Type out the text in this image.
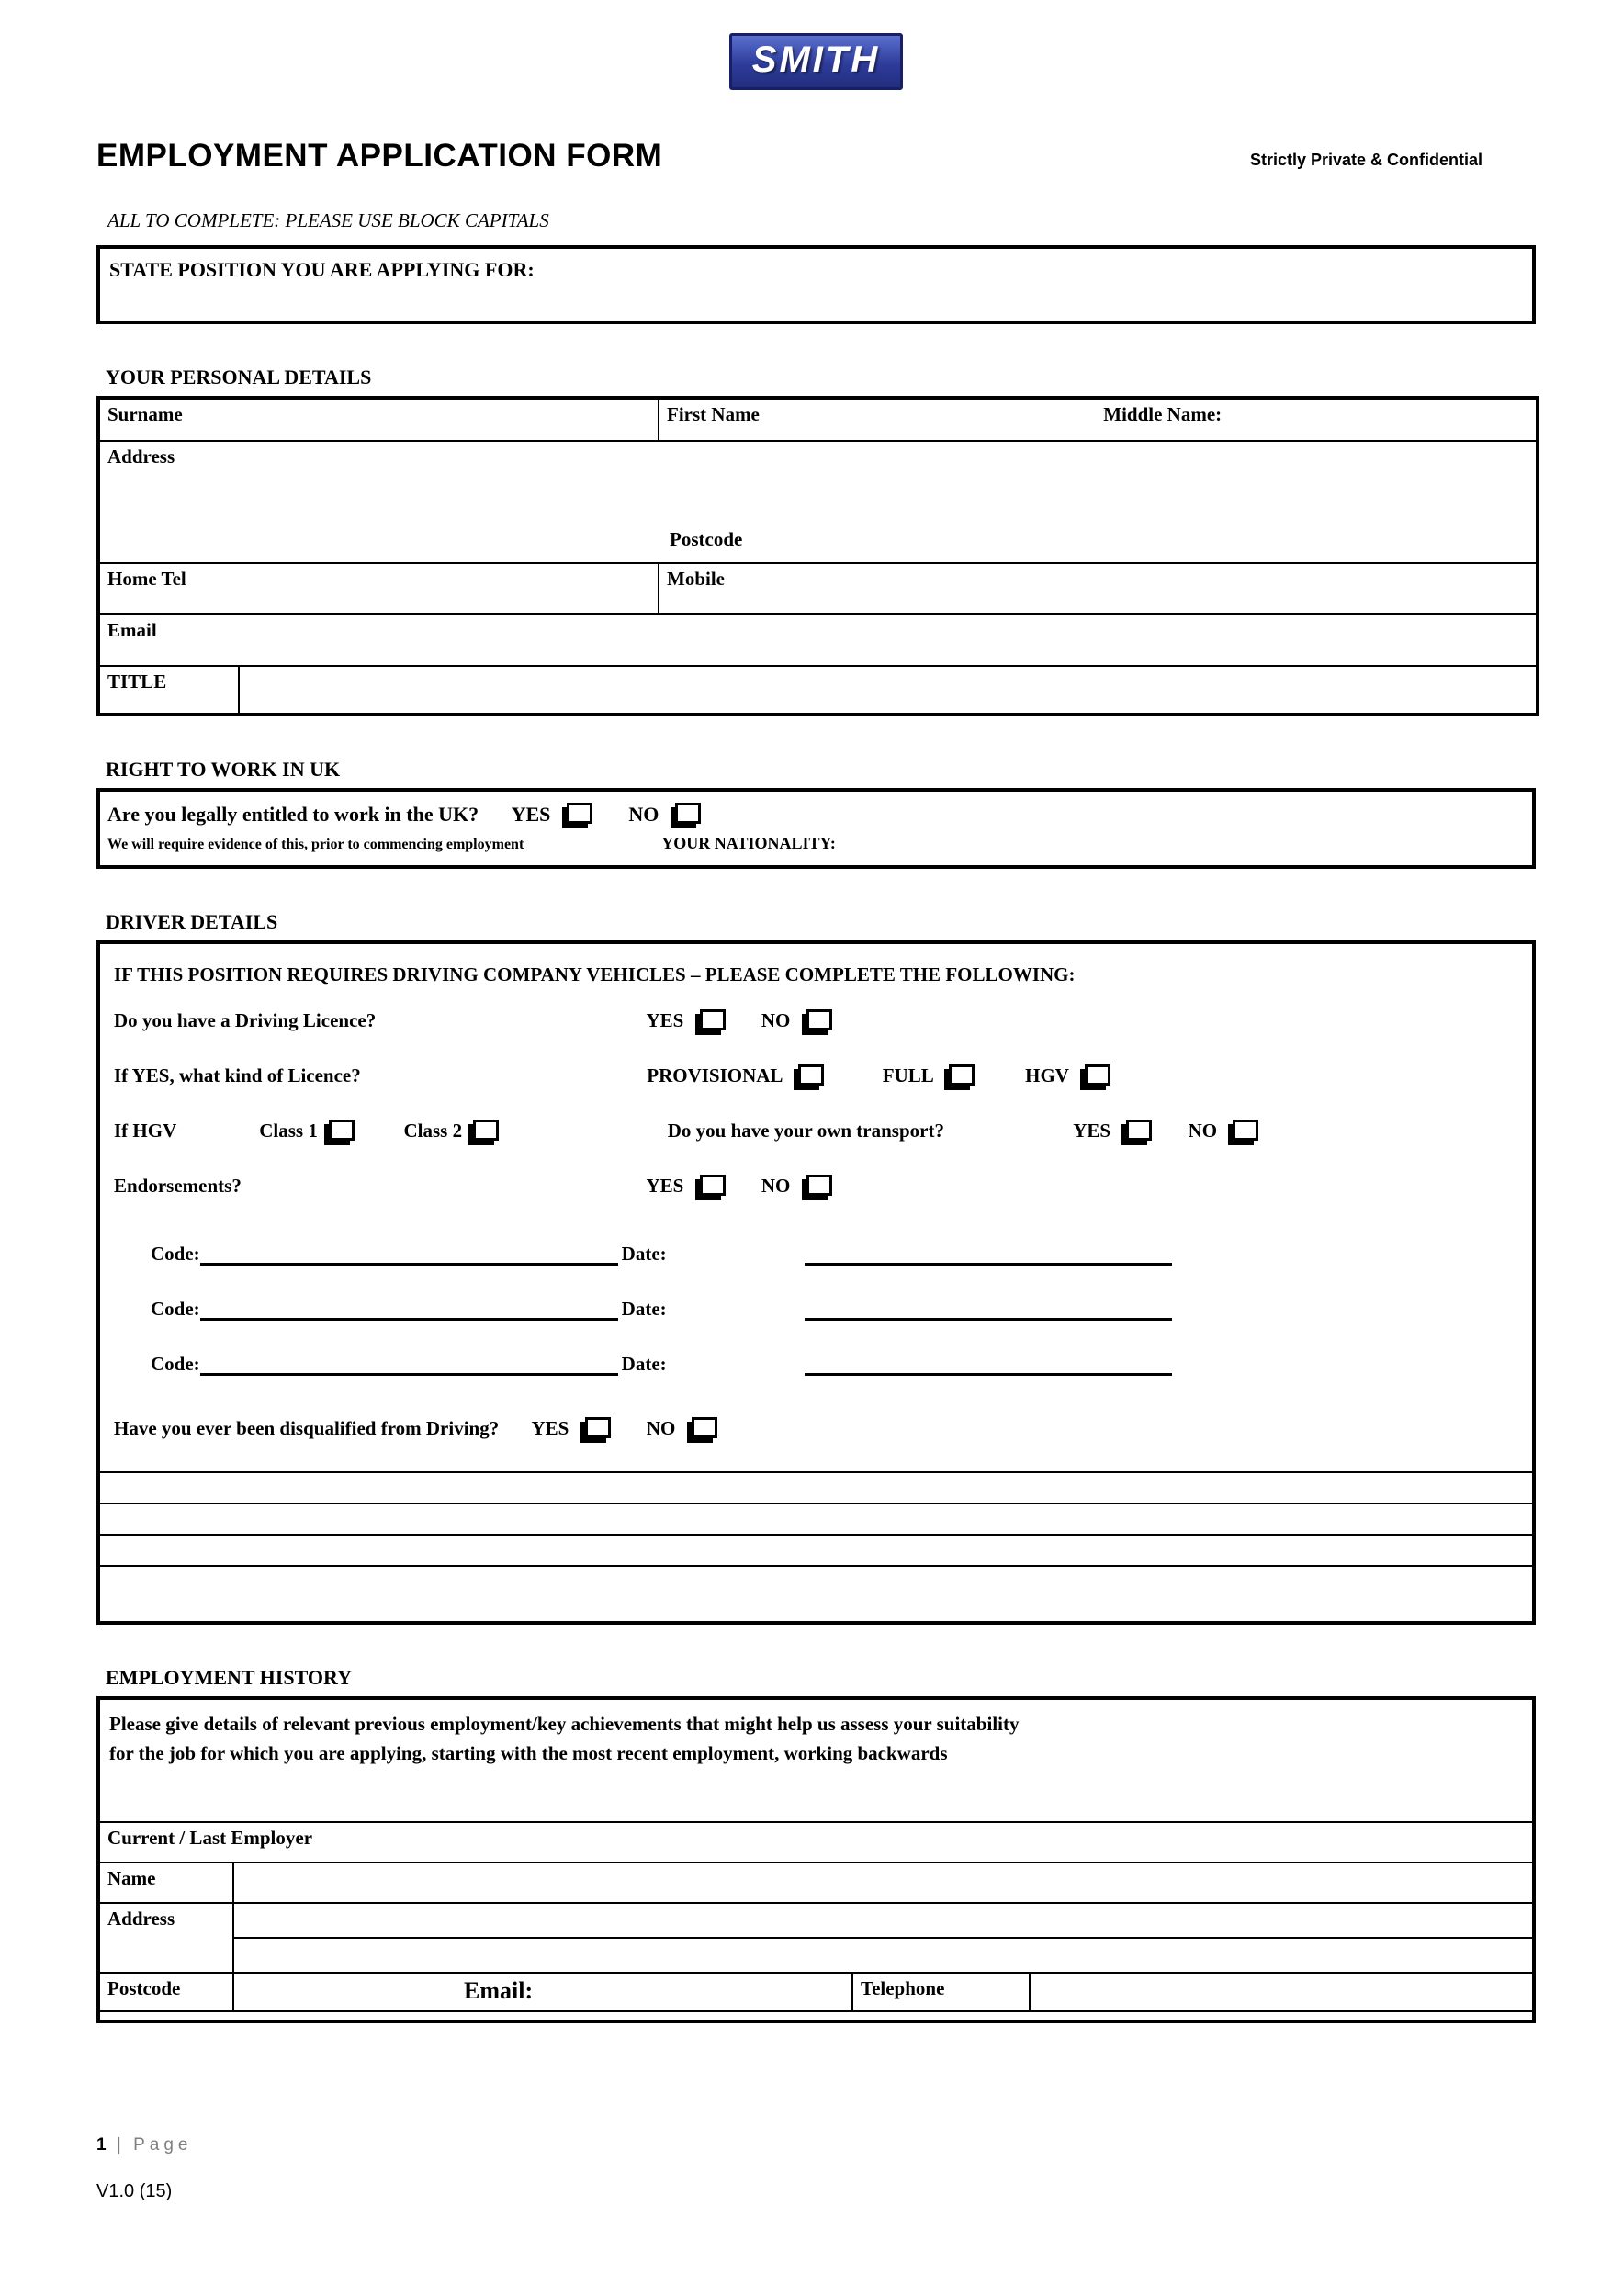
SMITH
EMPLOYMENT APPLICATION FORM	Strictly Private & Confidential
ALL TO COMPLETE: PLEASE USE BLOCK CAPITALS
STATE POSITION YOU ARE APPLYING FOR:
YOUR PERSONAL DETAILS
Surname		First Name Middle Name:
Address
Postcode		

Home Tel		Mobile
Email		
TITLE		
RIGHT TO WORK IN UK
Are you legally entitled to work in the UK? YES	NO
We will require evidence of this, prior to commencing employment	YOUR NATIONALITY:
DRIVER DETAILS
IF THIS POSITION REQUIRES DRIVING COMPANY VEHICLES – PLEASE COMPLETE THE FOLLOWING:
Do you have a Driving Licence?	YES	NO
If YES, what kind of Licence?	PROVISIONAL	FULL	HGV
If HGV	Class 1	Class 2	Do you have your own transport?	YES	NO
Endorsements?	YES	NO
Code:	Date:
Code:	Date:
Code:	Date:
Have you ever been disqualified from Driving? YES	NO
EMPLOYMENT HISTORY
Please give details of relevant previous employment/key achievements that might help us assess your suitability
for the job for which you are applying, starting with the most recent employment, working backwards
Current / Last Employer			
Name			
Address			

Postcode	Email:	Telephone	
1 | Page
V1.0 (15)
